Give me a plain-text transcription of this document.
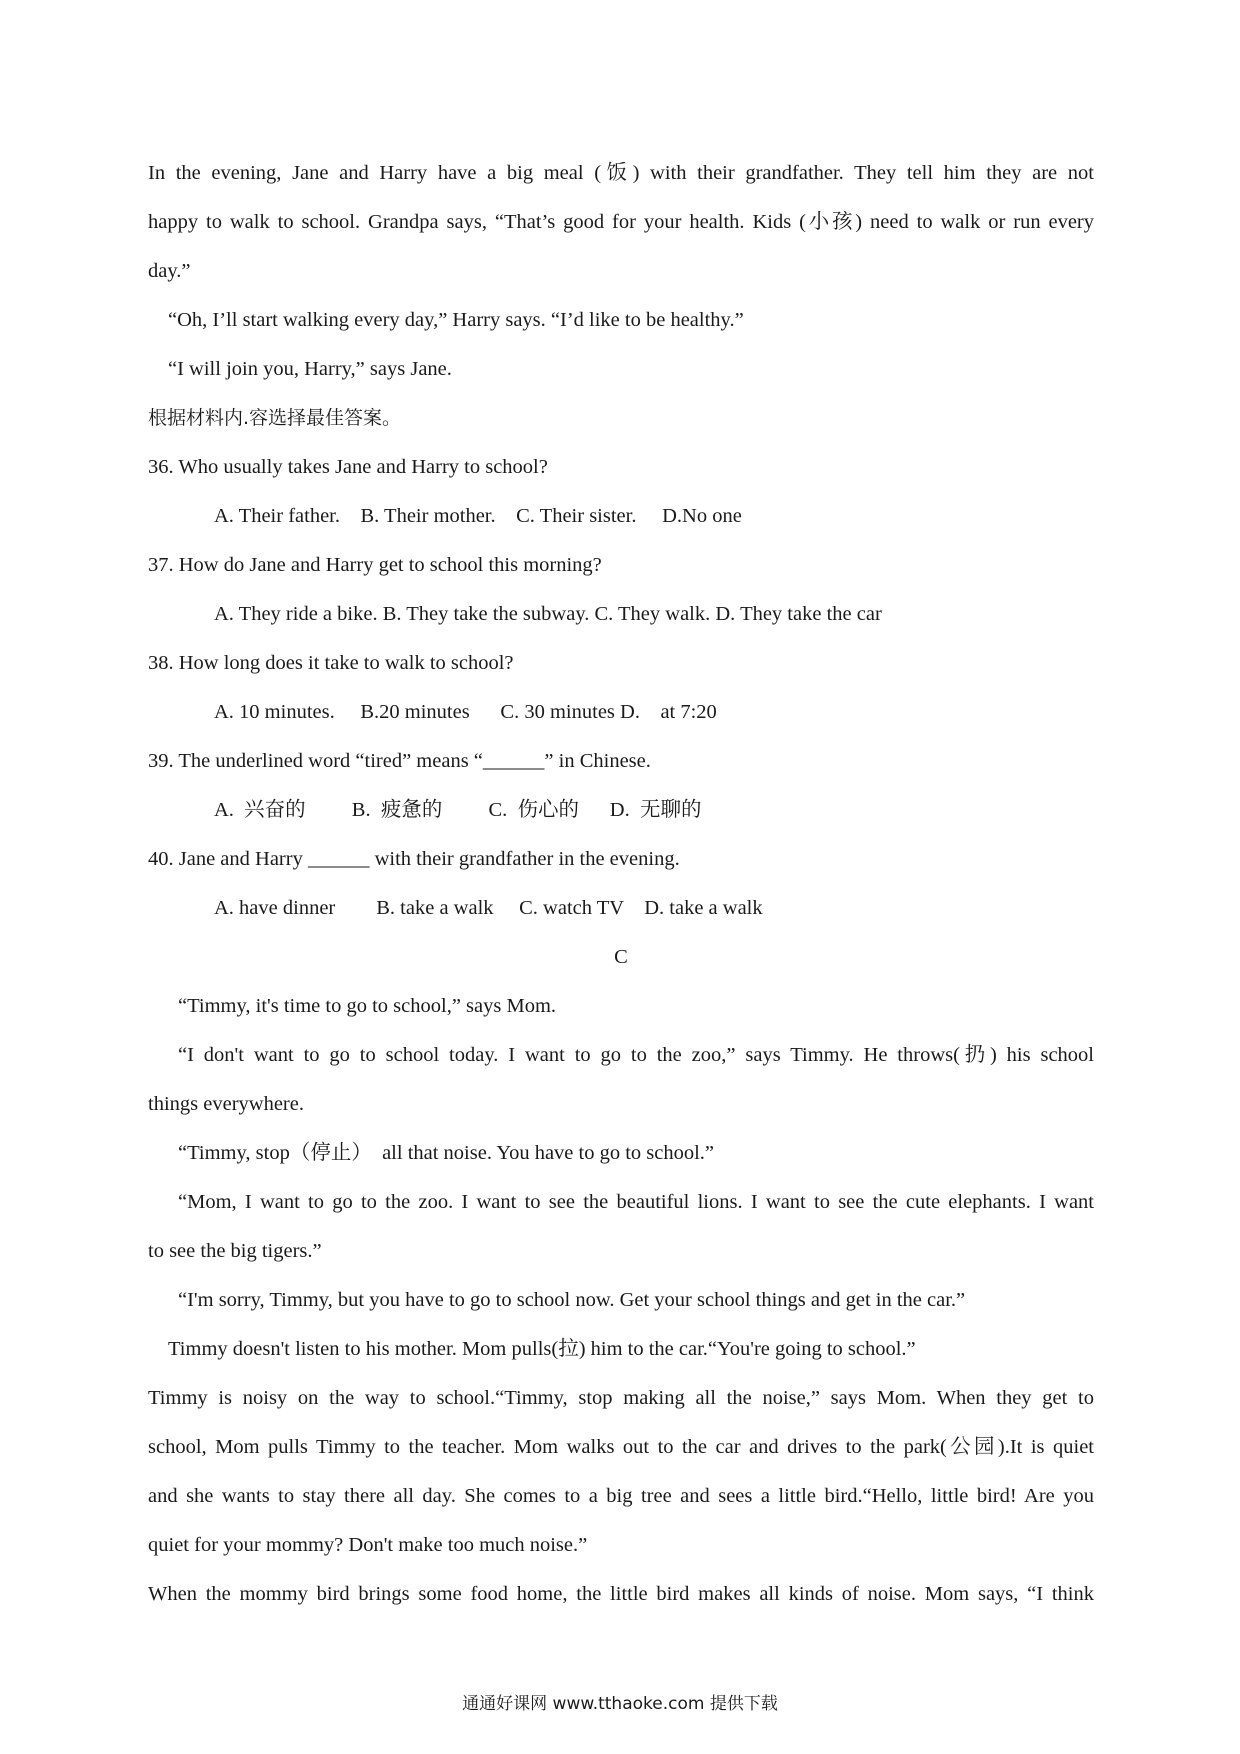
In the evening, Jane and Harry have a big meal (饭) with their grandfather. They tell him they are not
happy to walk to school. Grandpa says, “That’s good for your health. Kids (小孩) need to walk or run every
day.”
“Oh, I’ll start walking every day,” Harry says. “I’d like to be healthy.”
“I will join you, Harry,” says Jane.
根据材料内.容选择最佳答案。
36. Who usually takes Jane and Harry to school?
A. Their father.    B. Their mother.    C. Their sister.     D.No one
37. How do Jane and Harry get to school this morning?
A. They ride a bike. B. They take the subway. C. They walk. D. They take the car
38. How long does it take to walk to school?
A. 10 minutes.     B.20 minutes      C. 30 minutes D.    at 7:20
39. The underlined word “tired” means “______” in Chinese.
A.  兴奋的         B.  疲惫的         C.  伤心的      D.  无聊的
40. Jane and Harry ______ with their grandfather in the evening.
A. have dinner        B. take a walk     C. watch TV    D. take a walk
C
“Timmy, it's time to go to school,” says Mom.
“I don't want to go to school today. I want to go to the zoo,” says Timmy. He throws(扔) his school
things everywhere.
“Timmy, stop（停止）  all that noise. You have to go to school.”
“Mom, I want to go to the zoo. I want to see the beautiful lions. I want to see the cute elephants. I want
to see the big tigers.”
“I'm sorry, Timmy, but you have to go to school now. Get your school things and get in the car.”
Timmy doesn't listen to his mother. Mom pulls(拉) him to the car.“You're going to school.”
Timmy is noisy on the way to school.“Timmy, stop making all the noise,” says Mom. When they get to
school, Mom pulls Timmy to the teacher. Mom walks out to the car and drives to the park(公园).It is quiet
and she wants to stay there all day. She comes to a big tree and sees a little bird.“Hello, little bird! Are you
quiet for your mommy? Don't make too much noise.”
When the mommy bird brings some food home, the little bird makes all kinds of noise. Mom says, “I think
通通好课网 www.tthaoke.com 提供下载
